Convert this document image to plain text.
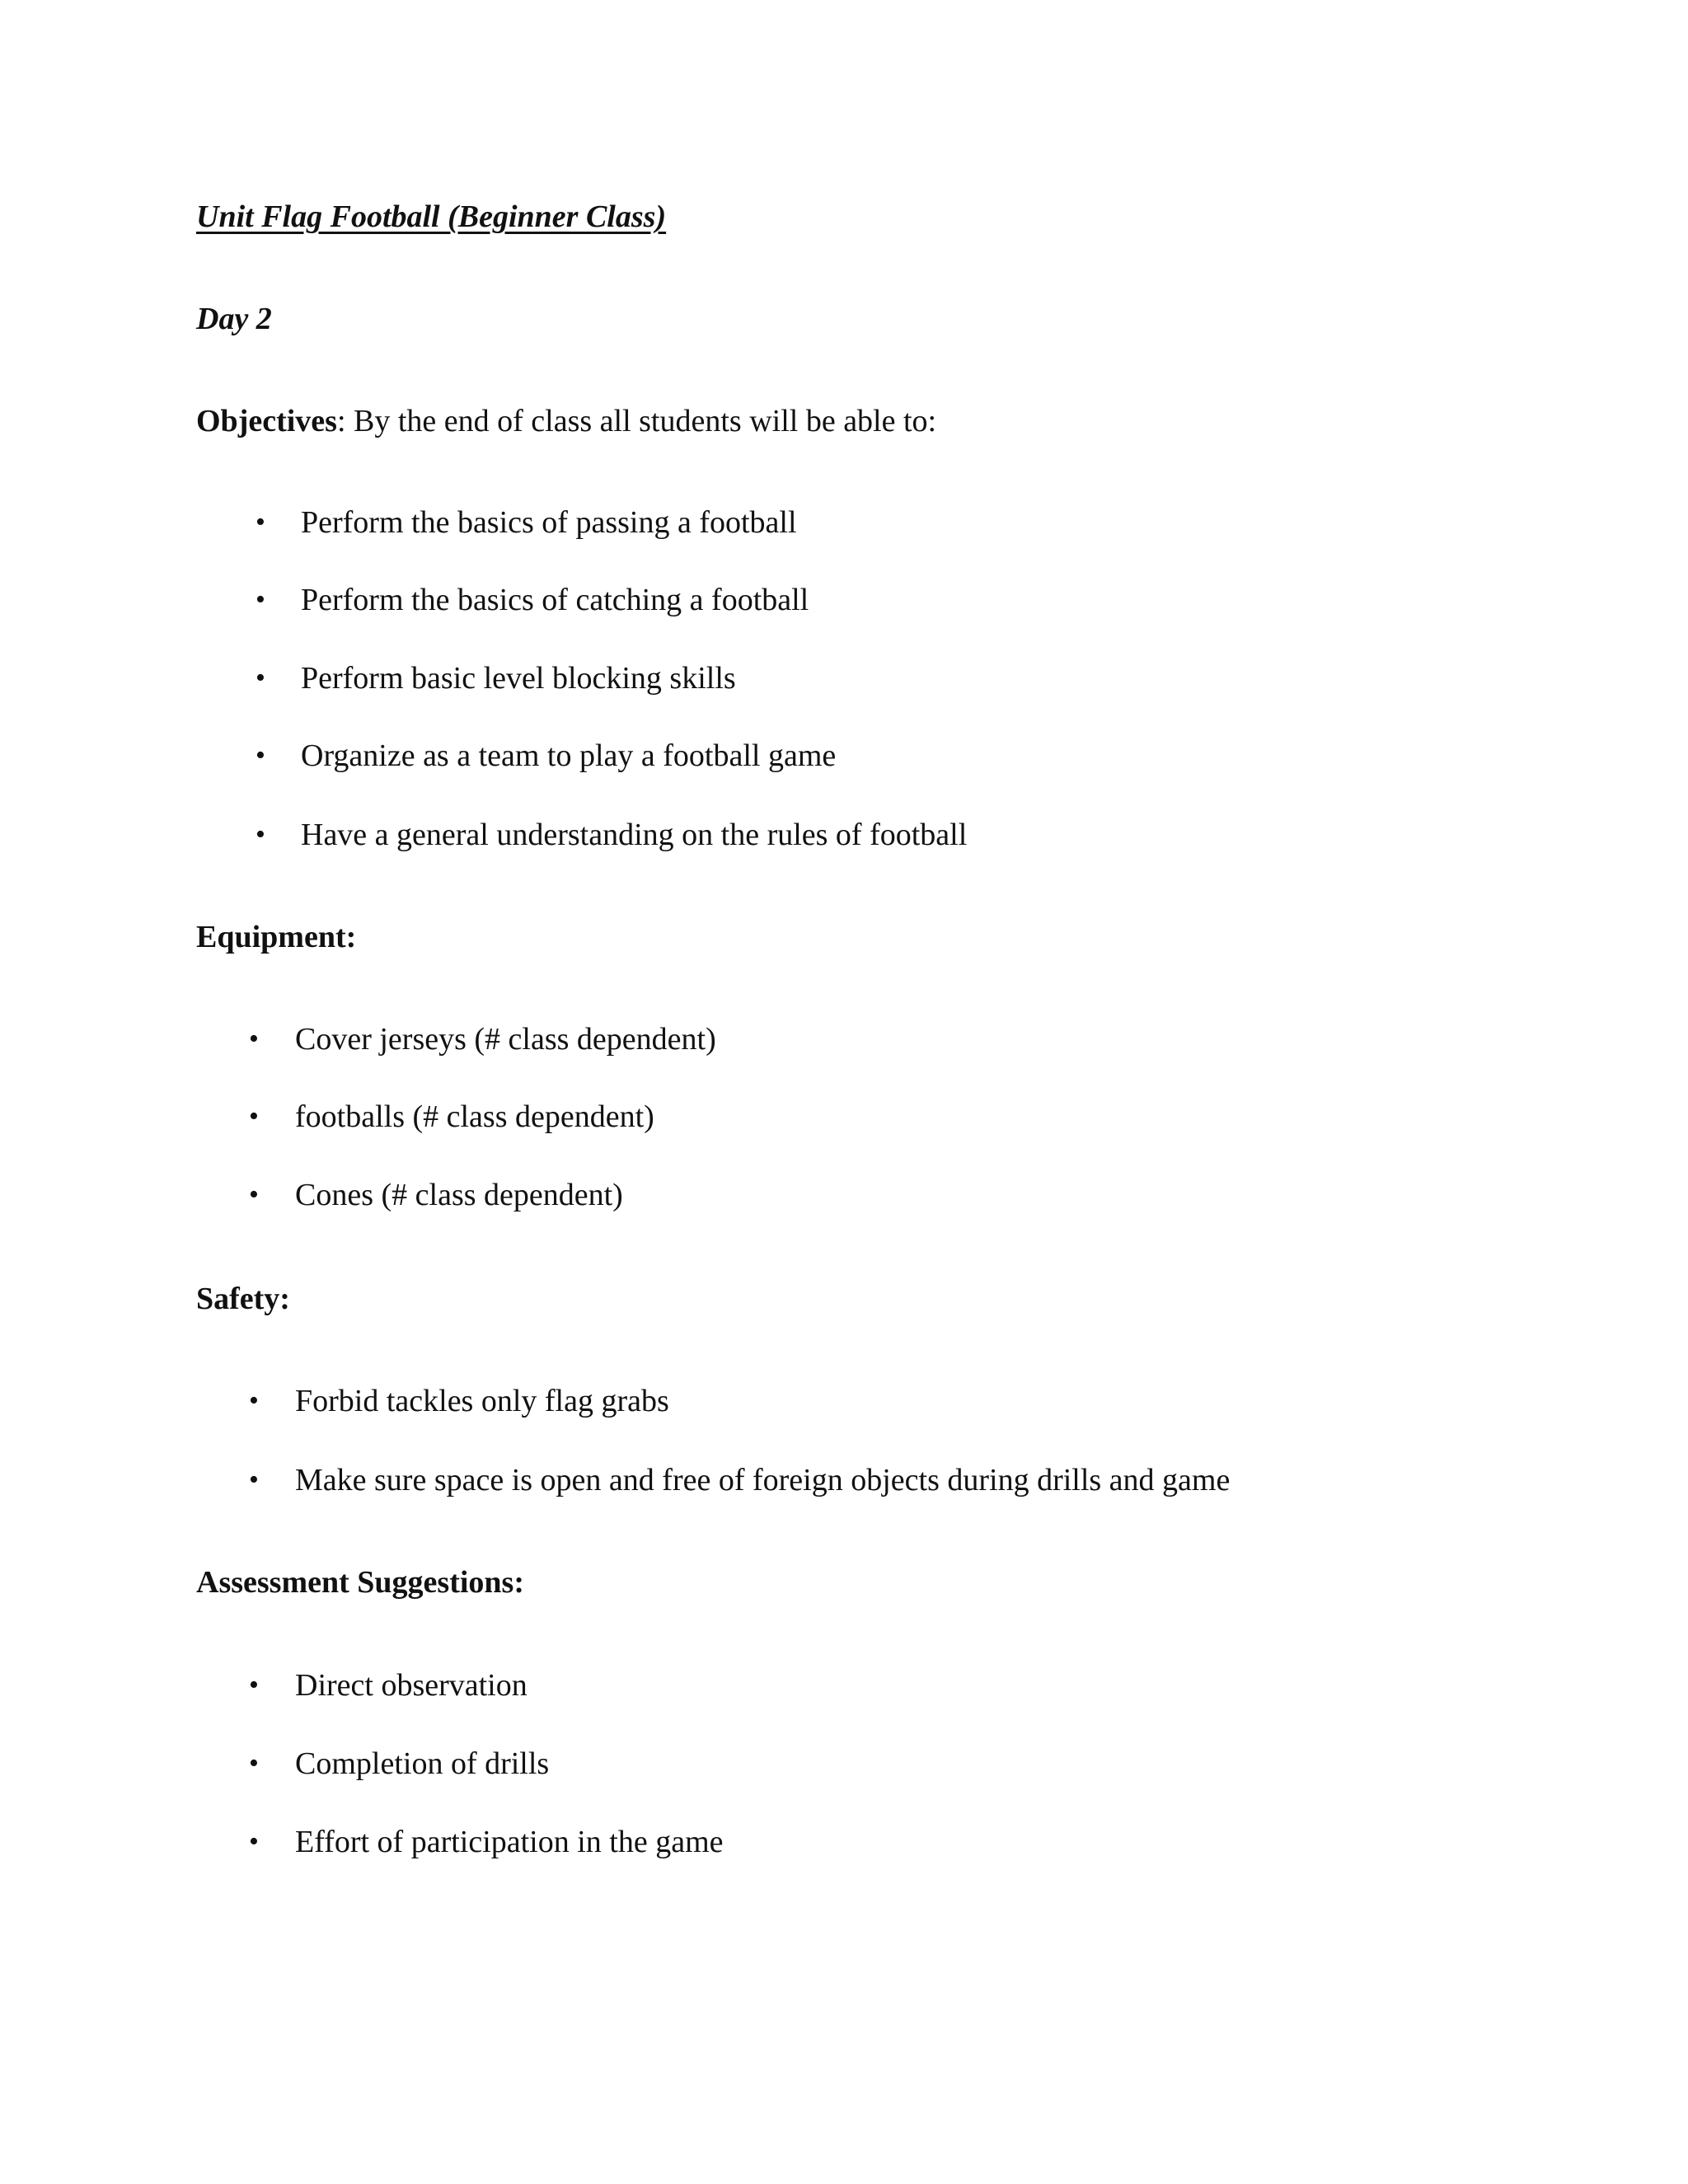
Unit Flag Football (Beginner Class)
Day 2
Objectives: By the end of class all students will be able to:
• Perform the basics of passing a football
• Perform the basics of catching a football
• Perform basic level blocking skills
• Organize as a team to play a football game
• Have a general understanding on the rules of football
Equipment:
• Cover jerseys (# class dependent)
• footballs (# class dependent)
• Cones (# class dependent)
Safety:
• Forbid tackles only flag grabs
• Make sure space is open and free of foreign objects during drills and game
Assessment Suggestions:
• Direct observation
• Completion of drills
• Effort of participation in the game
